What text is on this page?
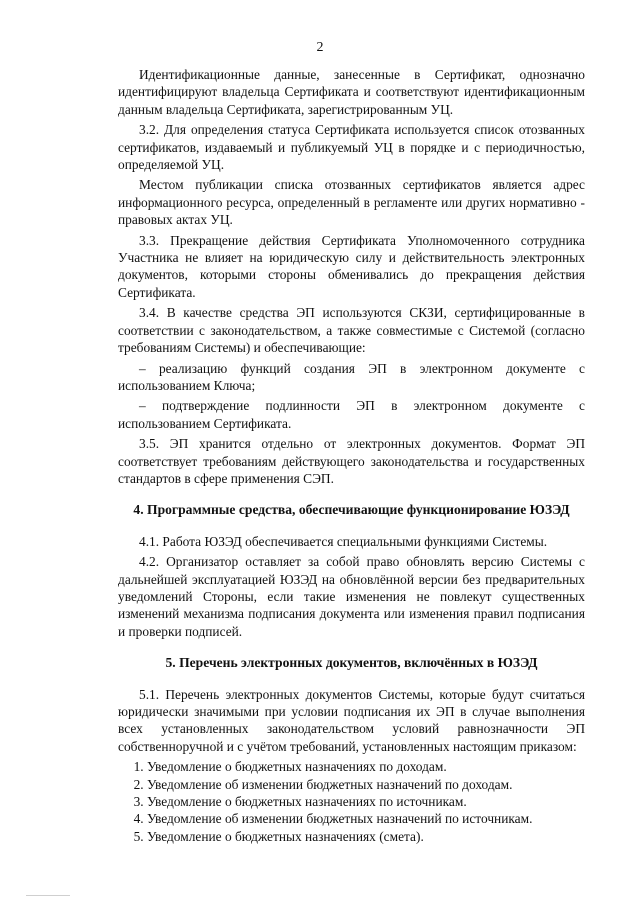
2

Идентификационные данные, занесенные в Сертификат, однозначно идентифицируют владельца Сертификата и соответствуют идентификационным данным владельца Сертификата, зарегистрированным УЦ.

3.2. Для определения статуса Сертификата используется список отозванных сертификатов, издаваемый и публикуемый УЦ в порядке и с периодичностью, определяемой УЦ.

Местом публикации списка отозванных сертификатов является адрес информационного ресурса, определенный в регламенте или других нормативно - правовых актах УЦ.

3.3. Прекращение действия Сертификата Уполномоченного сотрудника Участника не влияет на юридическую силу и действительность электронных документов, которыми стороны обменивались до прекращения действия Сертификата.

3.4. В качестве средства ЭП используются СКЗИ, сертифицированные в соответствии с законодательством, а также совместимые с Системой (согласно требованиям Системы) и обеспечивающие:

– реализацию функций создания ЭП в электронном документе с использованием Ключа;

– подтверждение подлинности ЭП в электронном документе с использованием Сертификата.

3.5. ЭП хранится отдельно от электронных документов. Формат ЭП соответствует требованиям действующего законодательства и государственных стандартов в сфере применения СЭП.

4. Программные средства, обеспечивающие функционирование ЮЗЭД

4.1. Работа ЮЗЭД обеспечивается специальными функциями Системы.

4.2. Организатор оставляет за собой право обновлять версию Системы с дальнейшей эксплуатацией ЮЗЭД на обновлённой версии без предварительных уведомлений Стороны, если такие изменения не повлекут существенных изменений механизма подписания документа или изменения правил подписания и проверки подписей.

5. Перечень электронных документов, включённых в ЮЗЭД

5.1. Перечень электронных документов Системы, которые будут считаться юридически значимыми при условии подписания их ЭП в случае выполнения всех установленных законодательством условий равнозначности ЭП собственноручной и с учётом требований, установленных настоящим приказом:

1. Уведомление о бюджетных назначениях по доходам.
2. Уведомление об изменении бюджетных назначений по доходам.
3. Уведомление о бюджетных назначениях по источникам.
4. Уведомление об изменении бюджетных назначений по источникам.
5. Уведомление о бюджетных назначениях (смета).
